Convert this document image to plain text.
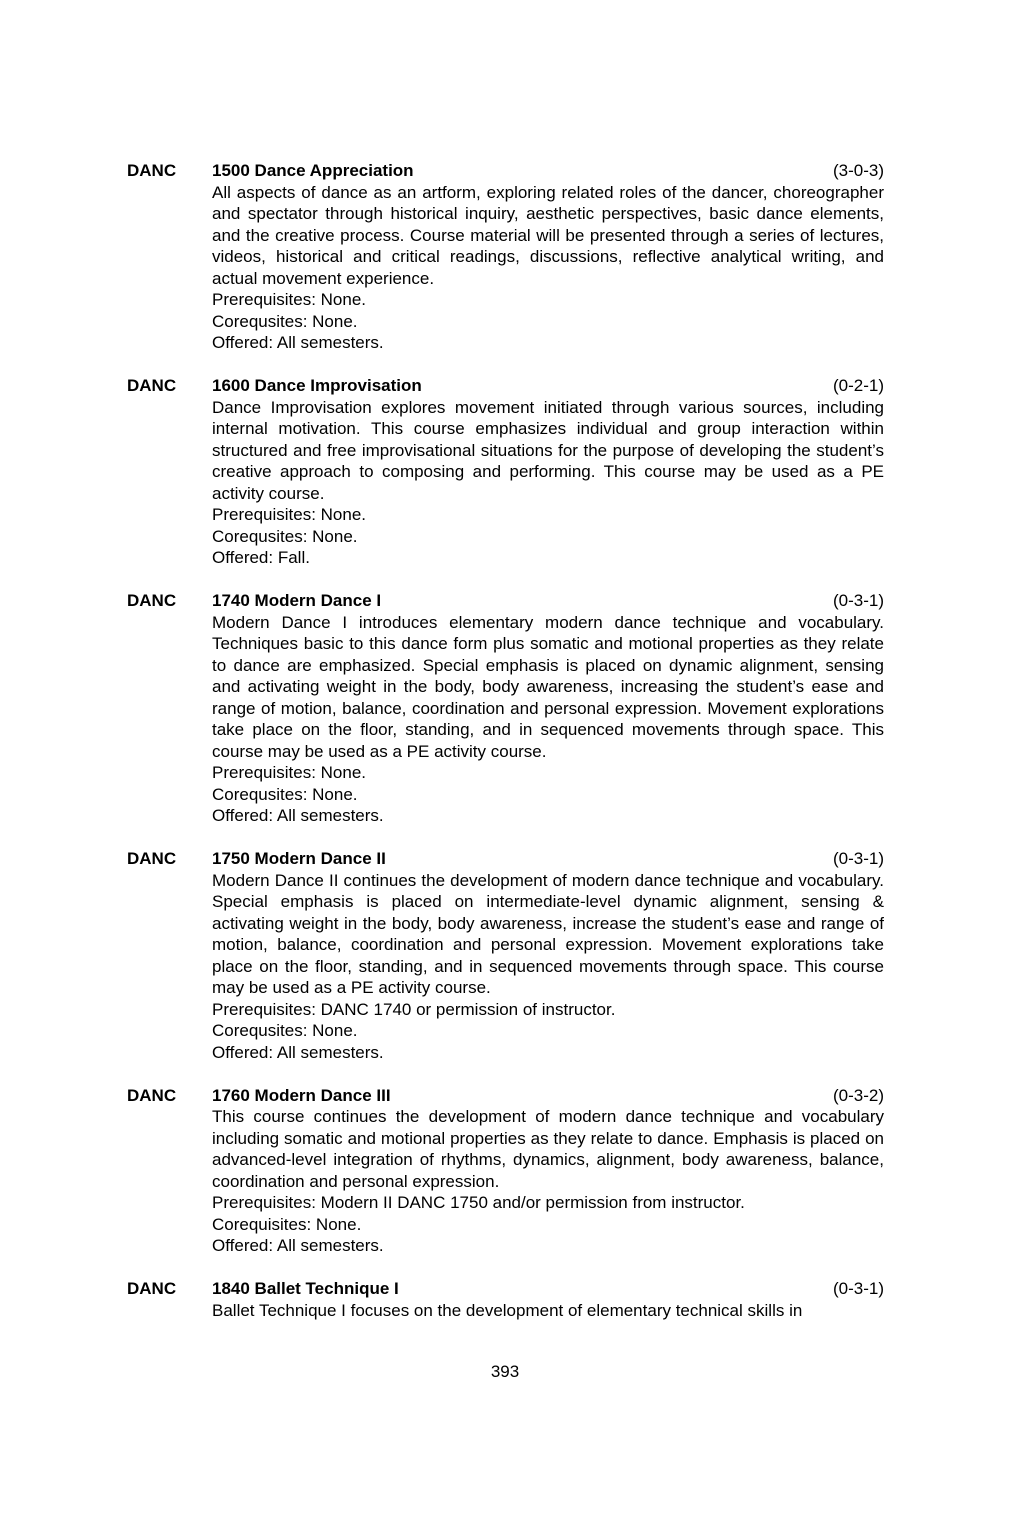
DANC	1500 Dance Appreciation	(3-0-3)

All aspects of dance as an artform, exploring related roles of the dancer, choreographer and spectator through historical inquiry, aesthetic perspectives, basic dance elements, and the creative process. Course material will be presented through a series of lectures, videos, historical and critical readings, discussions, reflective analytical writing, and actual movement experience.

Prerequisites: None.

Corequsites: None.

Offered: All semesters.

DANC	1600 Dance Improvisation	(0-2-1)

Dance Improvisation explores movement initiated through various sources, including internal motivation. This course emphasizes individual and group interaction within structured and free improvisational situations for the purpose of developing the student’s creative approach to composing and performing. This course may be used as a PE activity course.

Prerequisites: None.

Corequsites: None.

Offered: Fall.

DANC	1740 Modern Dance I	(0-3-1)

Modern Dance I introduces elementary modern dance technique and vocabulary. Techniques basic to this dance form plus somatic and motional properties as they relate to dance are emphasized. Special emphasis is placed on dynamic alignment, sensing and activating weight in the body, body awareness, increasing the student’s ease and range of motion, balance, coordination and personal expression. Movement explorations take place on the floor, standing, and in sequenced movements through space. This course may be used as a PE activity course.

Prerequisites: None.

Corequsites: None.

Offered: All semesters.

DANC	1750 Modern Dance II	(0-3-1)

Modern Dance II continues the development of modern dance technique and vocabulary. Special emphasis is placed on intermediate-level dynamic alignment, sensing & activating weight in the body, body awareness, increase the student’s ease and range of motion, balance, coordination and personal expression. Movement explorations take place on the floor, standing, and in sequenced movements through space. This course may be used as a PE activity course.

Prerequisites: DANC 1740 or permission of instructor.

Corequsites: None.

Offered: All semesters.

DANC	1760 Modern Dance III	(0-3-2)

This course continues the development of modern dance technique and vocabulary including somatic and motional properties as they relate to dance. Emphasis is placed on advanced-level integration of rhythms, dynamics, alignment, body awareness, balance, coordination and personal expression.

Prerequisites: Modern II DANC 1750 and/or permission from instructor.

Corequisites: None.

Offered: All semesters.

DANC	1840 Ballet Technique I	(0-3-1)

Ballet Technique I focuses on the development of elementary technical skills in

393
